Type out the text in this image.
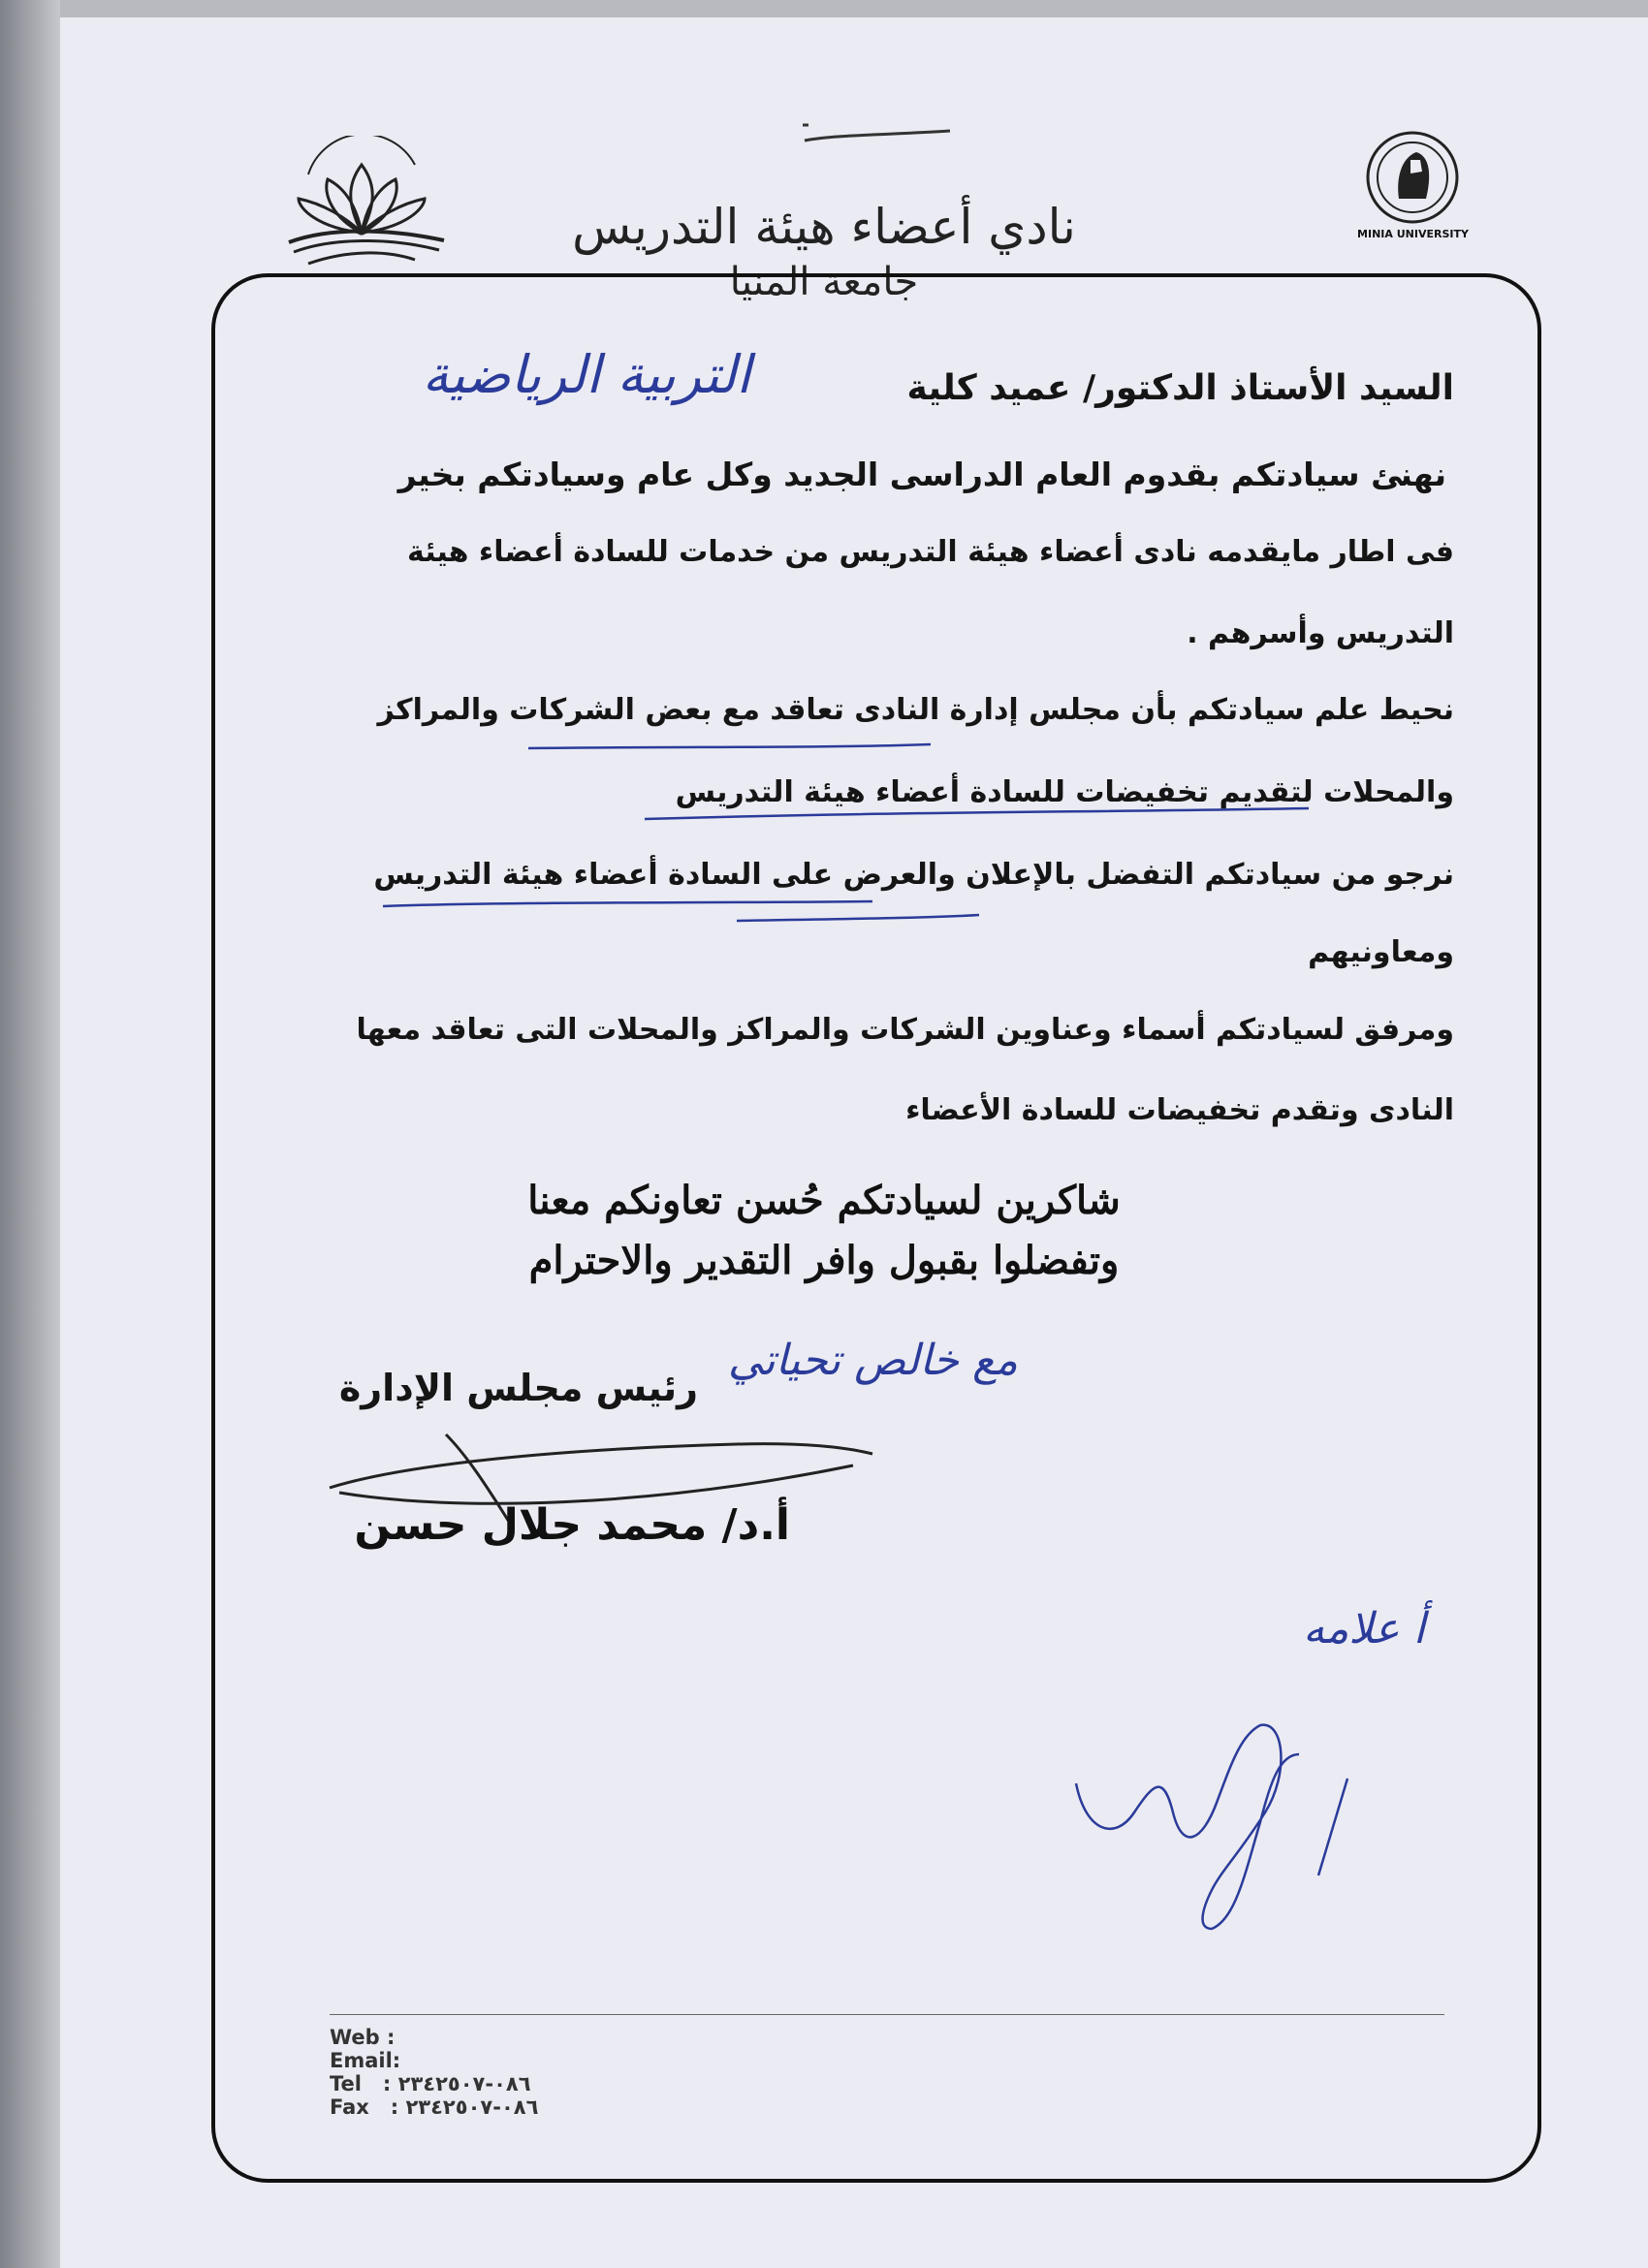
MINIA UNIVERSITY
نادي أعضاء هيئة التدريس
جامعة المنيا
السيد الأستاذ الدكتور/ عميد كلية
التربية الرياضية
نهنئ سيادتكم بقدوم العام الدراسى الجديد وكل عام وسيادتكم بخير
فى اطار مايقدمه نادى أعضاء هيئة التدريس من خدمات للسادة أعضاء هيئة
التدريس وأسرهم .
نحيط علم سيادتكم بأن مجلس إدارة النادى تعاقد مع بعض الشركات والمراكز
والمحلات لتقديم تخفيضات للسادة أعضاء هيئة التدريس
نرجو من سيادتكم التفضل بالإعلان والعرض على السادة أعضاء هيئة التدريس
ومعاونيهم
ومرفق لسيادتكم أسماء وعناوين الشركات والمراكز والمحلات التى تعاقد معها
النادى وتقدم تخفيضات للسادة الأعضاء
شاكرين لسيادتكم حُسن تعاونكم معنا
وتفضلوا بقبول وافر التقدير والاحترام
مع خالص تحياتي
رئيس مجلس الإدارة
أ.د/ محمد جلال حسن
أ علامه
Web :
Email:
Tel   : ٠٨٦-٢٣٤٢٥٠٧
Fax   : ٠٨٦-٢٣٤٢٥٠٧
